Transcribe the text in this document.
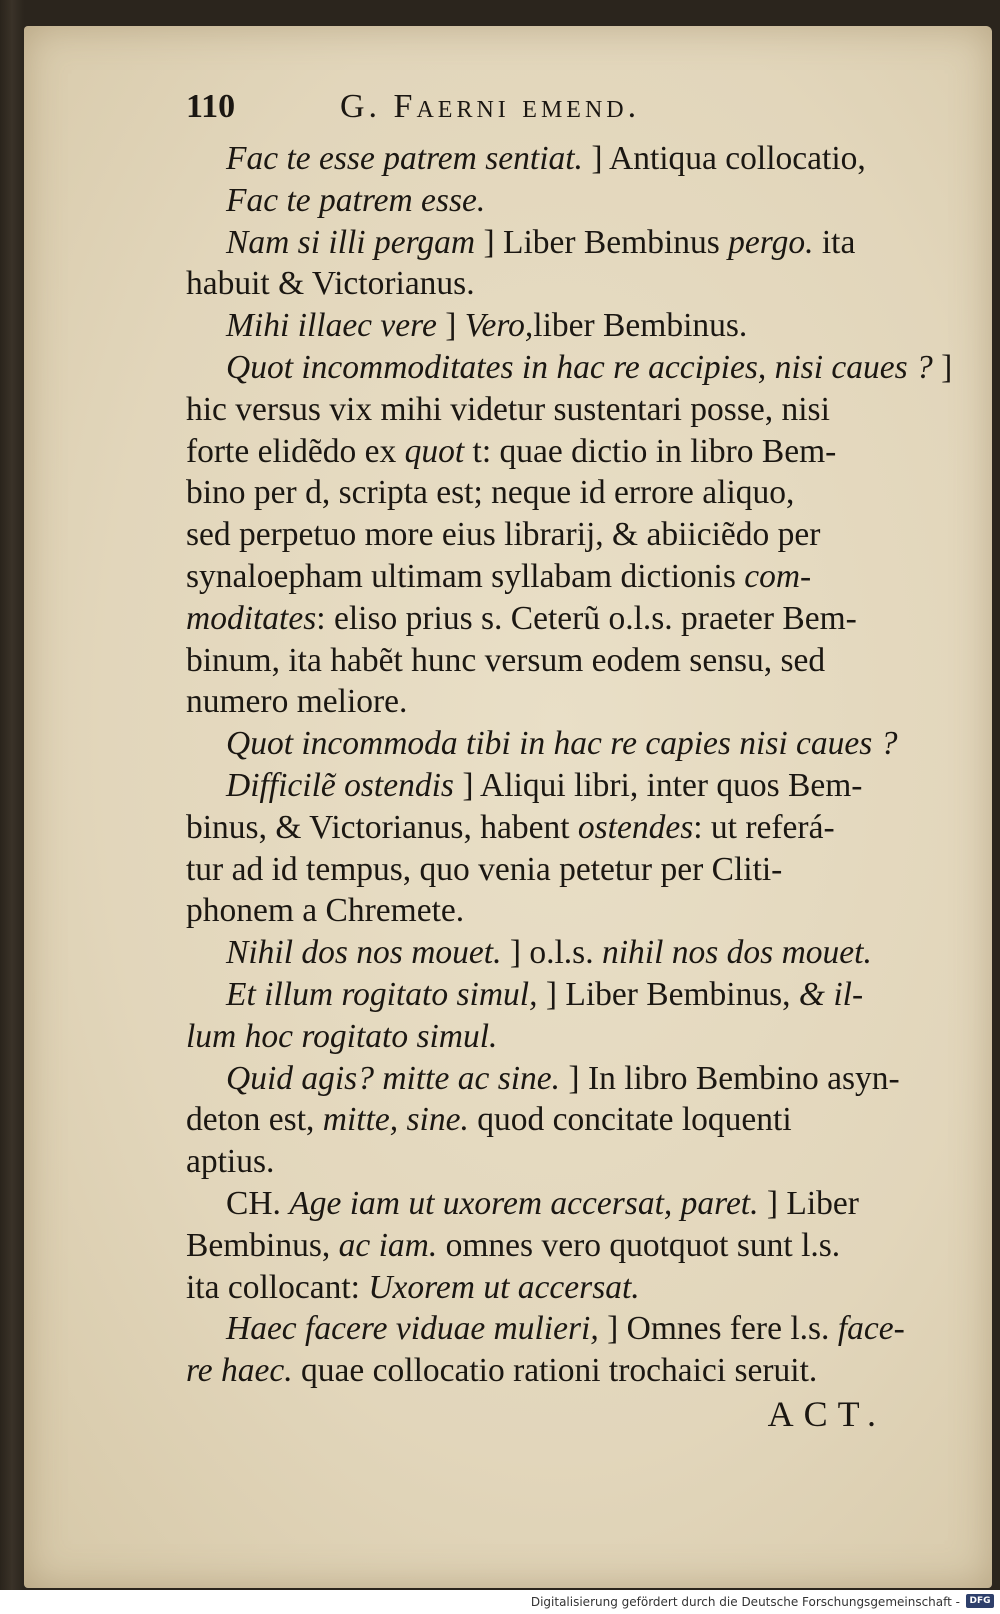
110	G. Faerni emend.
Fac te esse patrem sentiat. ] Antiqua collocatio,
Fac te patrem esse.
Nam si illi pergam ] Liber Bembinus pergo. ita
habuit & Victorianus.
Mihi illaec vere ] Vero,liber Bembinus.
Quot incommoditates in hac re accipies, nisi caues ? ]
hic versus vix mihi videtur sustentari posse, nisi
forte elidẽdo ex quot t: quae dictio in libro Bem-
bino per d, scripta est; neque id errore aliquo,
sed perpetuo more eius librarij, & abiiciẽdo per
synaloepham ultimam syllabam dictionis com-
moditates: eliso prius s. Ceterũ o.l.s. praeter Bem-
binum, ita habẽt hunc versum eodem sensu, sed
numero meliore.
Quot incommoda tibi in hac re capies nisi caues ?
Difficilẽ ostendis ] Aliqui libri, inter quos Bem-
binus, & Victorianus, habent ostendes: ut referá-
tur ad id tempus, quo venia petetur per Cliti-
phonem a Chremete.
Nihil dos nos mouet. ] o.l.s. nihil nos dos mouet.
Et illum rogitato simul, ] Liber Bembinus, & il-
lum hoc rogitato simul.
Quid agis? mitte ac sine. ] In libro Bembino asyn-
deton est, mitte, sine. quod concitate loquenti
aptius.
CH. Age iam ut uxorem accersat, paret. ] Liber
Bembinus, ac iam. omnes vero quotquot sunt l.s.
ita collocant: Uxorem ut accersat.
Haec facere viduae mulieri, ] Omnes fere l.s. face-
re haec. quae collocatio rationi trochaici seruit.
ACT.
Digitalisierung gefördert durch die Deutsche Forschungsgemeinschaft -	DFG
